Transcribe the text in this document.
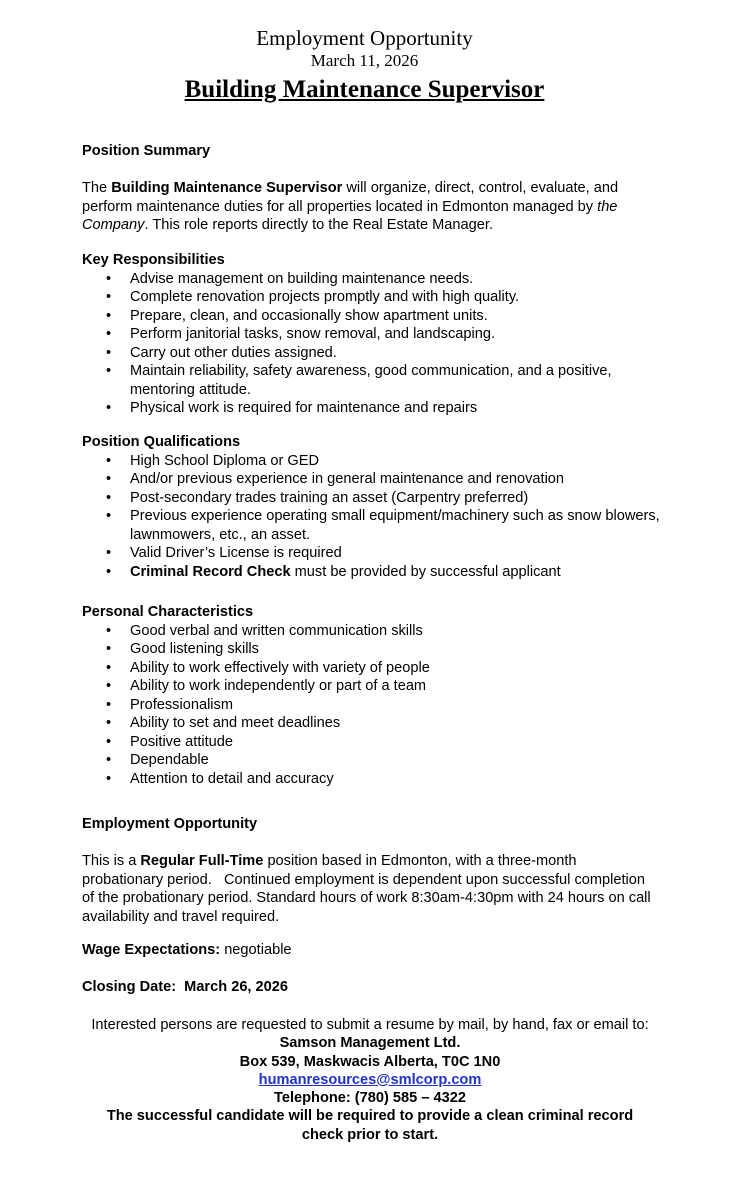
Employment Opportunity
March 11, 2026
Building Maintenance Supervisor
Position Summary
The Building Maintenance Supervisor will organize, direct, control, evaluate, and perform maintenance duties for all properties located in Edmonton managed by the Company. This role reports directly to the Real Estate Manager.
Key Responsibilities
• Advise management on building maintenance needs.
• Complete renovation projects promptly and with high quality.
• Prepare, clean, and occasionally show apartment units.
• Perform janitorial tasks, snow removal, and landscaping.
• Carry out other duties assigned.
• Maintain reliability, safety awareness, good communication, and a positive, mentoring attitude.
• Physical work is required for maintenance and repairs
Position Qualifications
• High School Diploma or GED
• And/or previous experience in general maintenance and renovation
• Post-secondary trades training an asset (Carpentry preferred)
• Previous experience operating small equipment/machinery such as snow blowers, lawnmowers, etc., an asset.
• Valid Driver’s License is required
• Criminal Record Check must be provided by successful applicant
Personal Characteristics
• Good verbal and written communication skills
• Good listening skills
• Ability to work effectively with variety of people
• Ability to work independently or part of a team
• Professionalism
• Ability to set and meet deadlines
• Positive attitude
• Dependable
• Attention to detail and accuracy
Employment Opportunity
This is a Regular Full-Time position based in Edmonton, with a three-month probationary period.   Continued employment is dependent upon successful completion of the probationary period. Standard hours of work 8:30am-4:30pm with 24 hours on call availability and travel required.
Wage Expectations: negotiable
Closing Date:  March 26, 2026
Interested persons are requested to submit a resume by mail, by hand, fax or email to:
Samson Management Ltd.
Box 539, Maskwacis Alberta, T0C 1N0
humanresources@smlcorp.com
Telephone: (780) 585 – 4322
The successful candidate will be required to provide a clean criminal record check prior to start.
